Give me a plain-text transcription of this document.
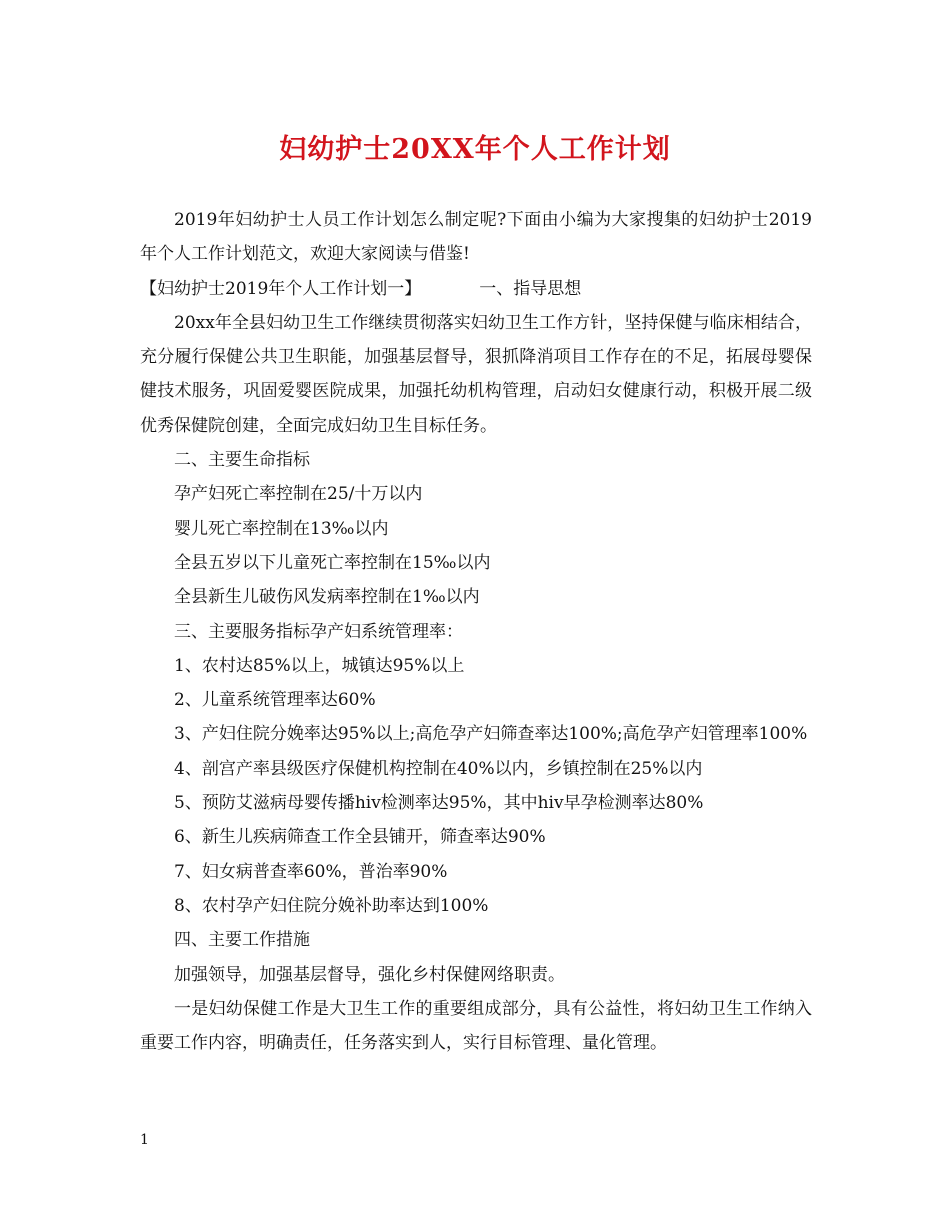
妇幼护士20XX年个人工作计划

2019年妇幼护士人员工作计划怎么制定呢?下面由小编为大家搜集的妇幼护士2019年个人工作计划范文，欢迎大家阅读与借鉴!

【妇幼护士2019年个人工作计划一】	一、指导思想

20xx年全县妇幼卫生工作继续贯彻落实妇幼卫生工作方针，坚持保健与临床相结合，充分履行保健公共卫生职能，加强基层督导，狠抓降消项目工作存在的不足，拓展母婴保健技术服务，巩固爱婴医院成果，加强托幼机构管理，启动妇女健康行动，积极开展二级优秀保健院创建，全面完成妇幼卫生目标任务。

二、主要生命指标

孕产妇死亡率控制在25/十万以内

婴儿死亡率控制在13‰以内

全县五岁以下儿童死亡率控制在15‰以内

全县新生儿破伤风发病率控制在1‰以内

三、主要服务指标孕产妇系统管理率：

1、农村达85%以上，城镇达95%以上

2、儿童系统管理率达60%

3、产妇住院分娩率达95%以上;高危孕产妇筛查率达100%;高危孕产妇管理率100%

4、剖宫产率县级医疗保健机构控制在40%以内，乡镇控制在25%以内

5、预防艾滋病母婴传播hiv检测率达95%，其中hiv早孕检测率达80%

6、新生儿疾病筛查工作全县铺开，筛查率达90%

7、妇女病普查率60%，普治率90%

8、农村孕产妇住院分娩补助率达到100%

四、主要工作措施

加强领导，加强基层督导，强化乡村保健网络职责。

一是妇幼保健工作是大卫生工作的重要组成部分，具有公益性，将妇幼卫生工作纳入重要工作内容，明确责任，任务落实到人，实行目标管理、量化管理。

1
